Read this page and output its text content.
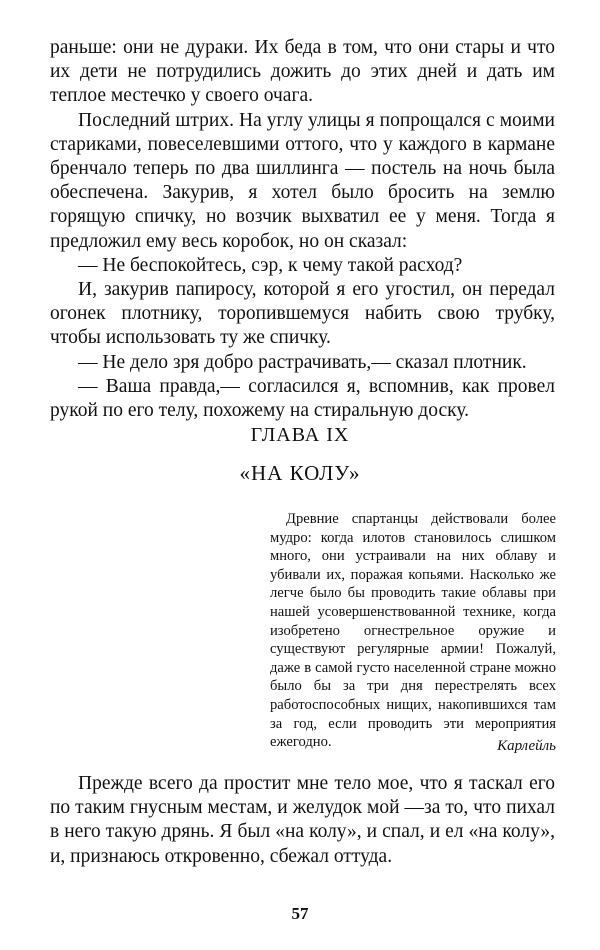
раньше: они не дураки. Их беда в том, что они стары и что их дети не потрудились дожить до этих дней и дать им теплое местечко у своего очага.

Последний штрих. На углу улицы я попрощался с моими стариками, повеселевшими оттого, что у каждого в кармане бренчало теперь по два шиллинга — постель на ночь была обеспечена. Закурив, я хотел было бросить на землю горящую спичку, но возчик выхватил ее у меня. Тогда я предложил ему весь коробок, но он сказал:

— Не беспокойтесь, сэр, к чему такой расход?

И, закурив папиросу, которой я его угостил, он передал огонек плотнику, торопившемуся набить свою трубку, чтобы использовать ту же спичку.

— Не дело зря добро растрачивать,— сказал плотник.

— Ваша правда,— согласился я, вспомнив, как провел рукой по его телу, похожему на стиральную доску.

ГЛАВА IX
«НА КОЛУ»

Древние спартанцы действовали более мудро: когда илотов становилось слишком много, они устраивали на них облаву и убивали их, поражая копьями. Насколько же легче было бы проводить такие облавы при нашей усовершенствованной технике, когда изобретено огнестрельное оружие и существуют регулярные армии! Пожалуй, даже в самой густо населенной стране можно было бы за три дня перестрелять всех работоспособных нищих, накопившихся там за год, если проводить эти мероприятия ежегодно.	Карлейль

Прежде всего да простит мне тело мое, что я таскал его по таким гнусным местам, и желудок мой —за то, что пихал в него такую дрянь. Я был «на колу», и спал, и ел «на колу», и, признаюсь откровенно, сбежал оттуда.

57
